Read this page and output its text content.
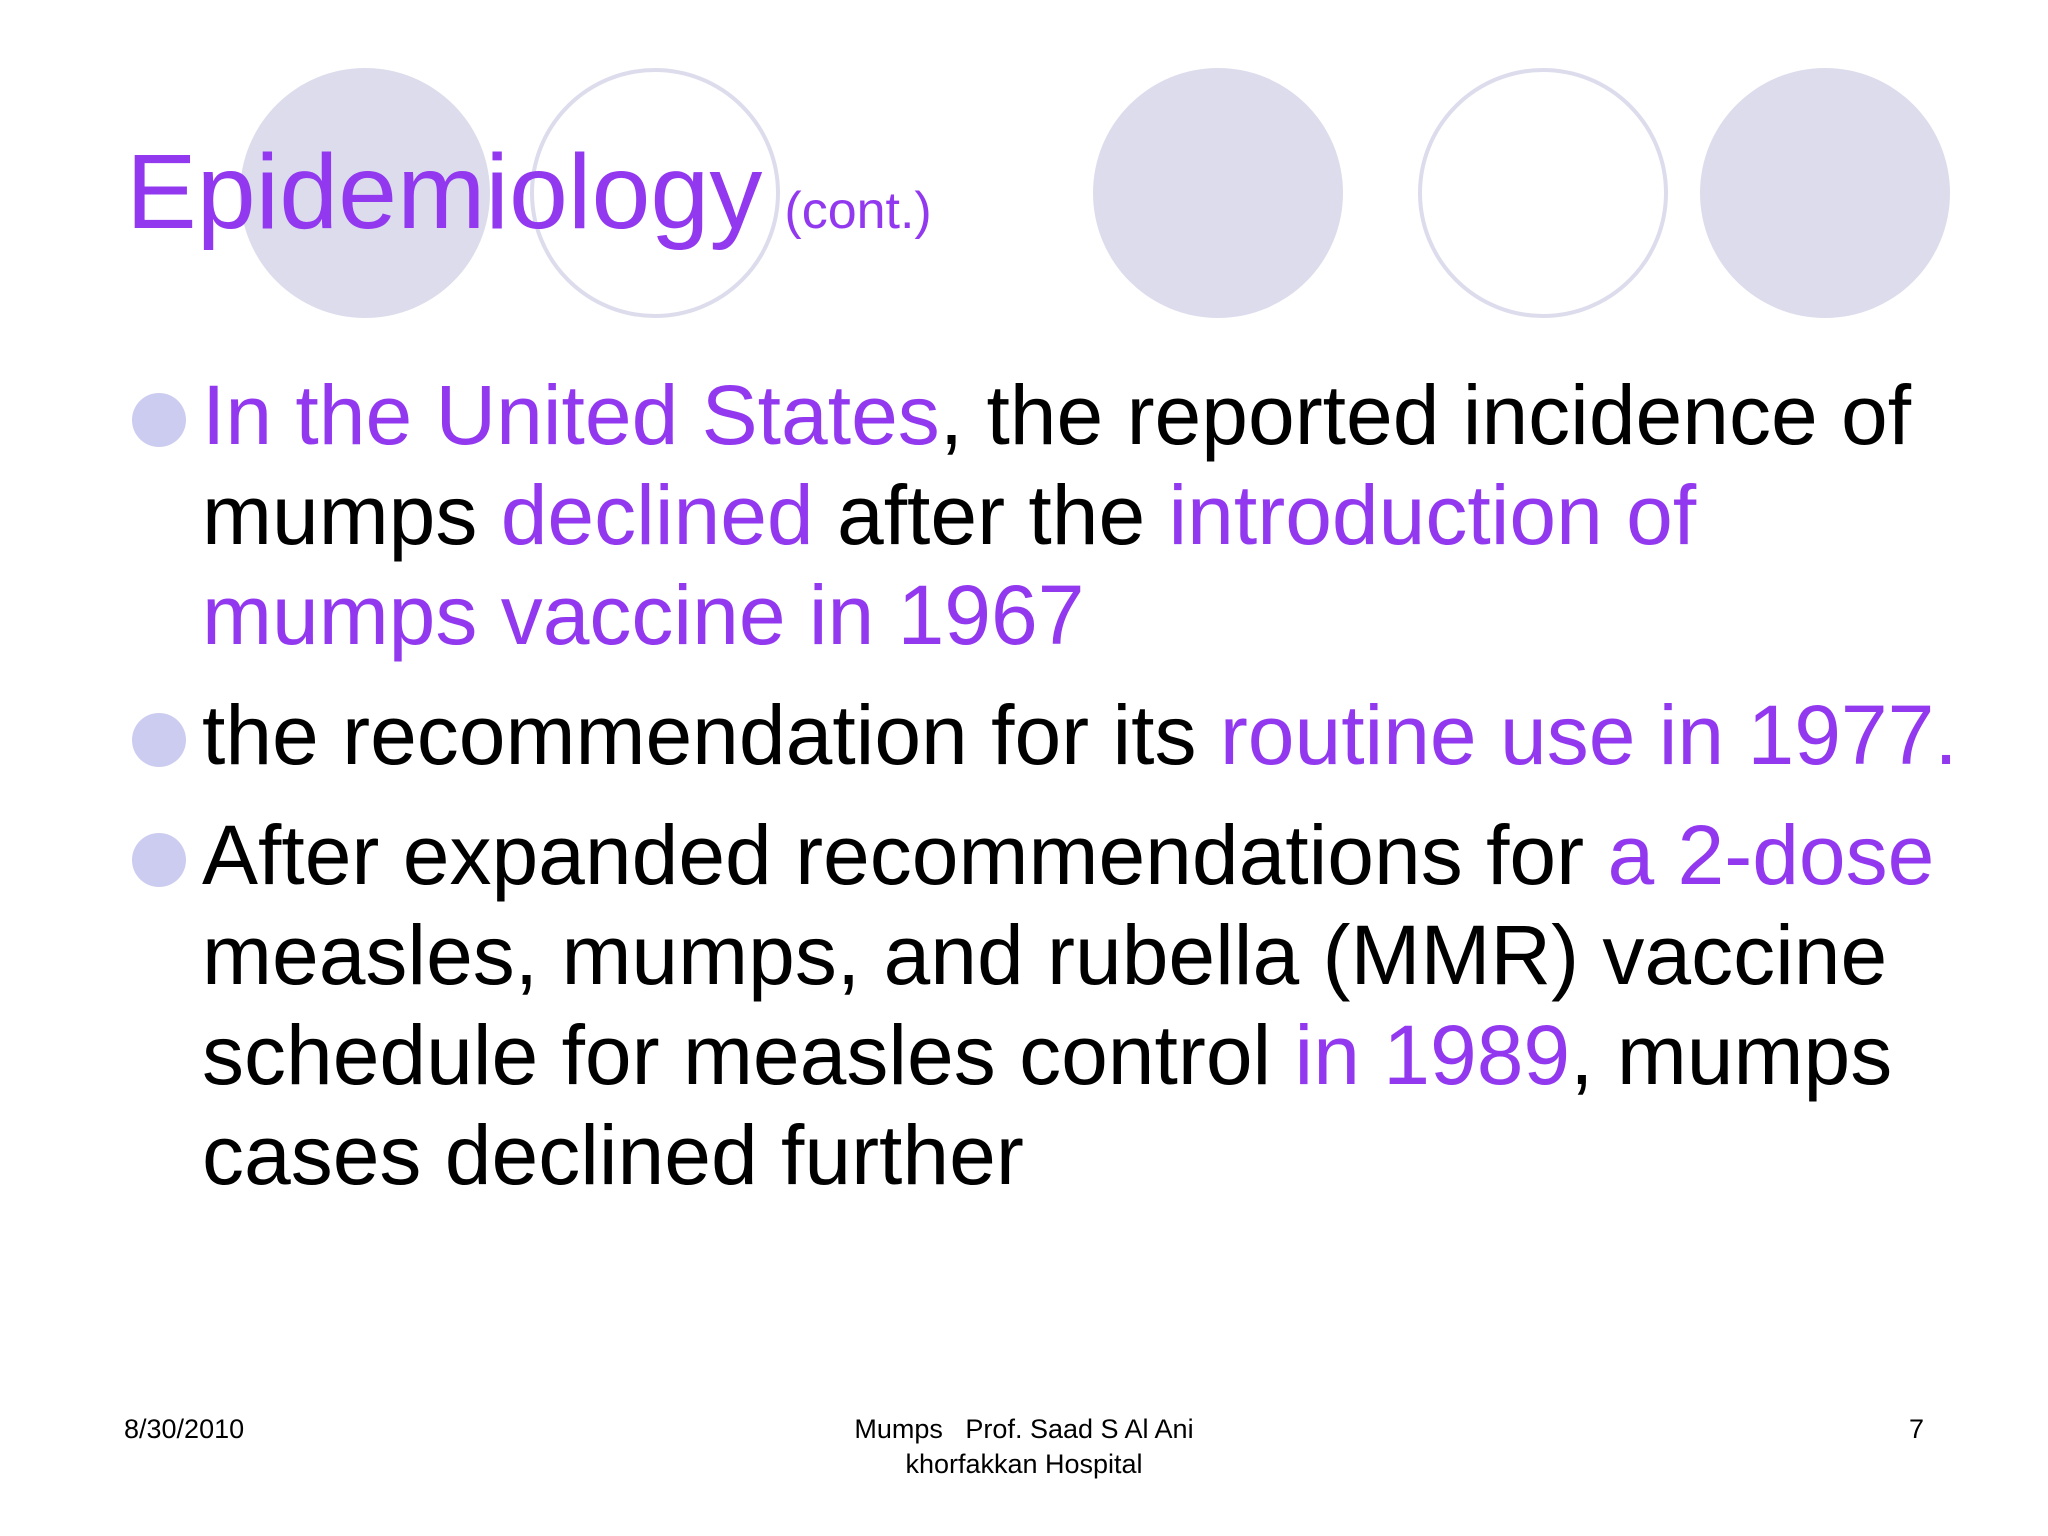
Epidemiology (cont.)
In the United States, the reported incidence of mumps declined after the introduction of mumps vaccine in 1967
the recommendation for its routine use in 1977.
After expanded recommendations for a 2-dose measles, mumps, and rubella (MMR) vaccine schedule for measles control in 1989, mumps cases declined further
8/30/2010	Mumps   Prof. Saad S Al Ani
khorfakkan Hospital
7
